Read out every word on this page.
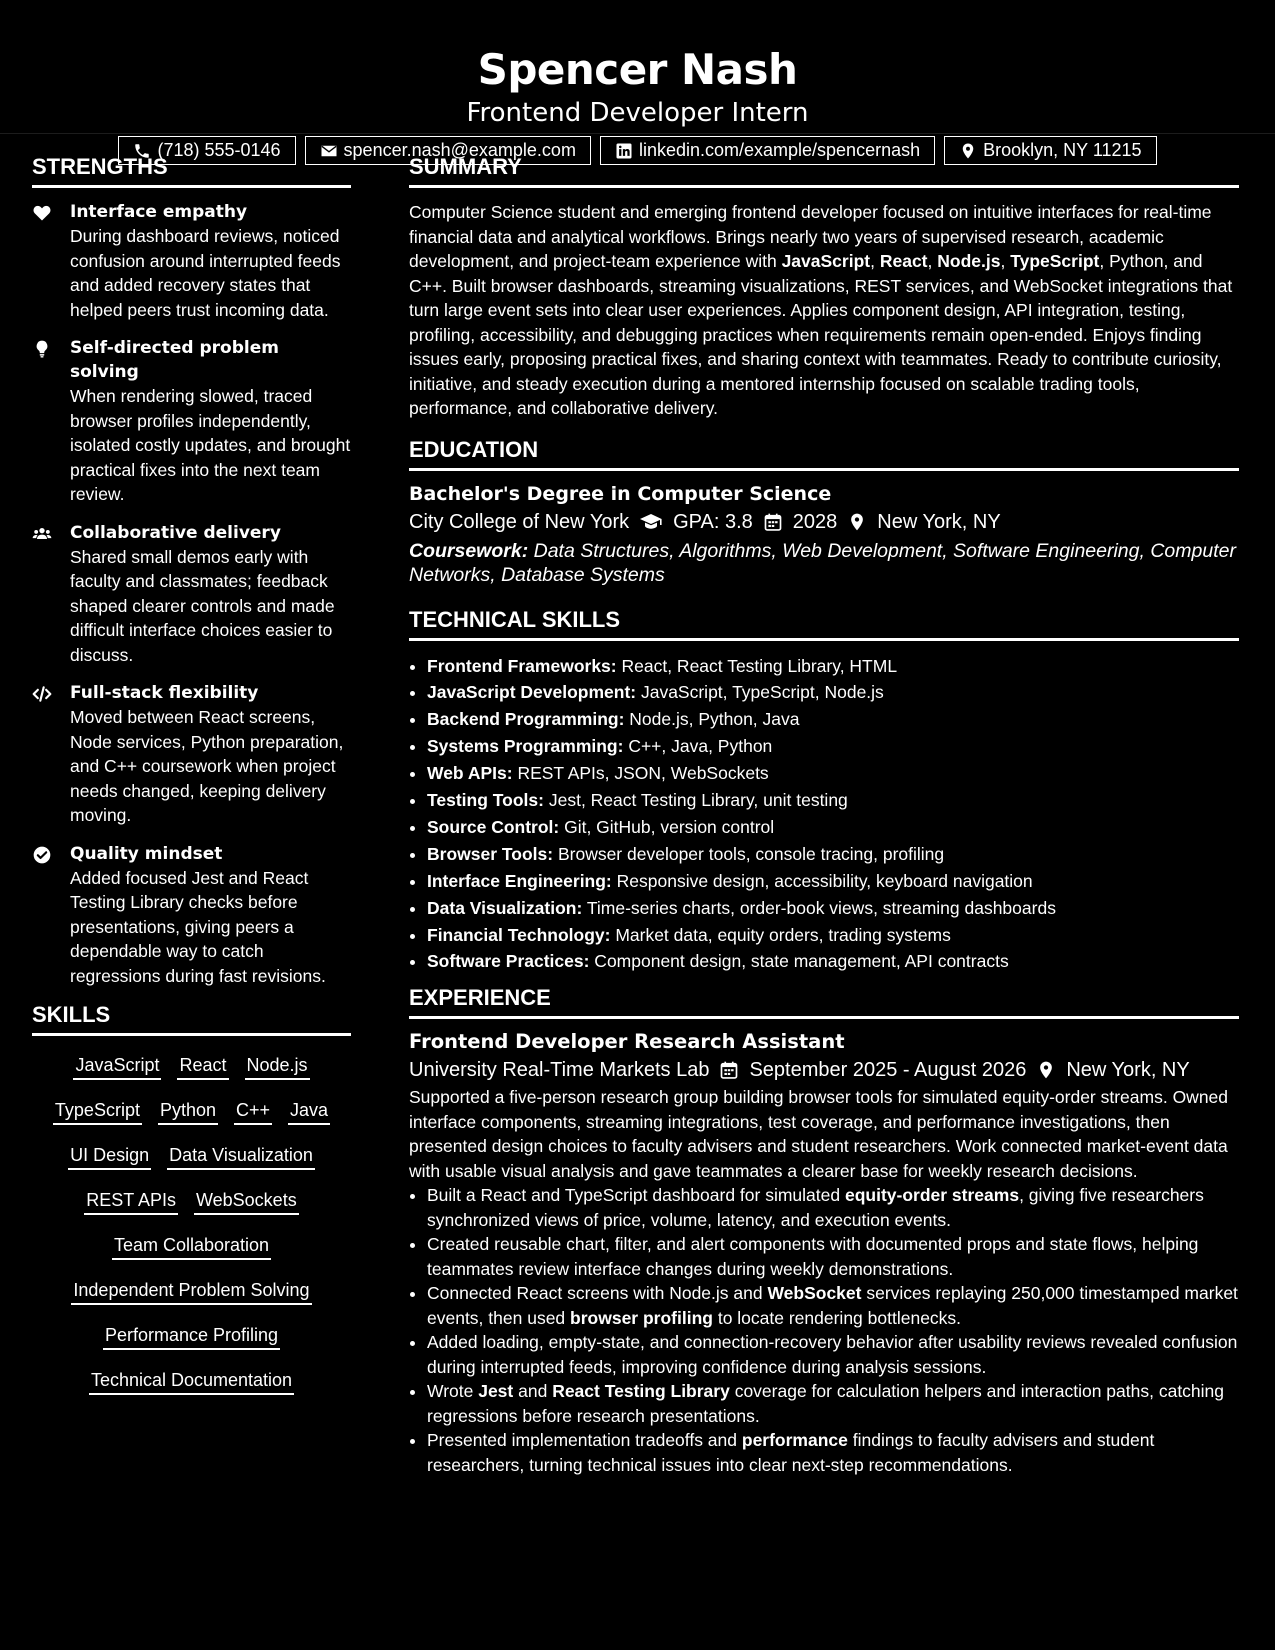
Spencer Nash
Frontend Developer Intern
(718) 555-0146	spencer.nash@example.com	linkedin.com/example/spencernash	Brooklyn, NY 11215
STRENGTHS
Interface empathy
During dashboard reviews, noticed confusion around interrupted feeds and added recovery states that helped peers trust incoming data.
Self-directed problem solving
When rendering slowed, traced browser profiles independently, isolated costly updates, and brought practical fixes into the next team review.
Collaborative delivery
Shared small demos early with faculty and classmates; feedback shaped clearer controls and made difficult interface choices easier to discuss.
Full-stack flexibility
Moved between React screens, Node services, Python preparation, and C++ coursework when project needs changed, keeping delivery moving.
Quality mindset
Added focused Jest and React Testing Library checks before presentations, giving peers a dependable way to catch regressions during fast revisions.
SKILLS
JavaScript React Node.js
TypeScript Python C++ Java
UI Design Data Visualization
REST APIs WebSockets
Team Collaboration
Independent Problem Solving
Performance Profiling
Technical Documentation
SUMMARY
Computer Science student and emerging frontend developer focused on intuitive interfaces for real-time financial data and analytical workflows. Brings nearly two years of supervised research, academic development, and project-team experience with JavaScript, React, Node.js, TypeScript, Python, and C++. Built browser dashboards, streaming visualizations, REST services, and WebSocket integrations that turn large event sets into clear user experiences. Applies component design, API integration, testing, profiling, accessibility, and debugging practices when requirements remain open-ended. Enjoys finding issues early, proposing practical fixes, and sharing context with teammates. Ready to contribute curiosity, initiative, and steady execution during a mentored internship focused on scalable trading tools, performance, and collaborative delivery.
EDUCATION
Bachelor's Degree in Computer Science
City College of New York GPA: 3.8 2028 New York, NY
Coursework: Data Structures, Algorithms, Web Development, Software Engineering, Computer Networks, Database Systems
TECHNICAL SKILLS
• Frontend Frameworks: React, React Testing Library, HTML
• JavaScript Development: JavaScript, TypeScript, Node.js
• Backend Programming: Node.js, Python, Java
• Systems Programming: C++, Java, Python
• Web APIs: REST APIs, JSON, WebSockets
• Testing Tools: Jest, React Testing Library, unit testing
• Source Control: Git, GitHub, version control
• Browser Tools: Browser developer tools, console tracing, profiling
• Interface Engineering: Responsive design, accessibility, keyboard navigation
• Data Visualization: Time-series charts, order-book views, streaming dashboards
• Financial Technology: Market data, equity orders, trading systems
• Software Practices: Component design, state management, API contracts
EXPERIENCE
Frontend Developer Research Assistant
University Real-Time Markets Lab September 2025 - August 2026 New York, NY
Supported a five-person research group building browser tools for simulated equity-order streams. Owned interface components, streaming integrations, test coverage, and performance investigations, then presented design choices to faculty advisers and student researchers. Work connected market-event data with usable visual analysis and gave teammates a clearer base for weekly research decisions.
• Built a React and TypeScript dashboard for simulated equity-order streams, giving five researchers synchronized views of price, volume, latency, and execution events.
• Created reusable chart, filter, and alert components with documented props and state flows, helping teammates review interface changes during weekly demonstrations.
• Connected React screens with Node.js and WebSocket services replaying 250,000 timestamped market events, then used browser profiling to locate rendering bottlenecks.
• Added loading, empty-state, and connection-recovery behavior after usability reviews revealed confusion during interrupted feeds, improving confidence during analysis sessions.
• Wrote Jest and React Testing Library coverage for calculation helpers and interaction paths, catching regressions before research presentations.
• Presented implementation tradeoffs and performance findings to faculty advisers and student researchers, turning technical issues into clear next-step recommendations.
